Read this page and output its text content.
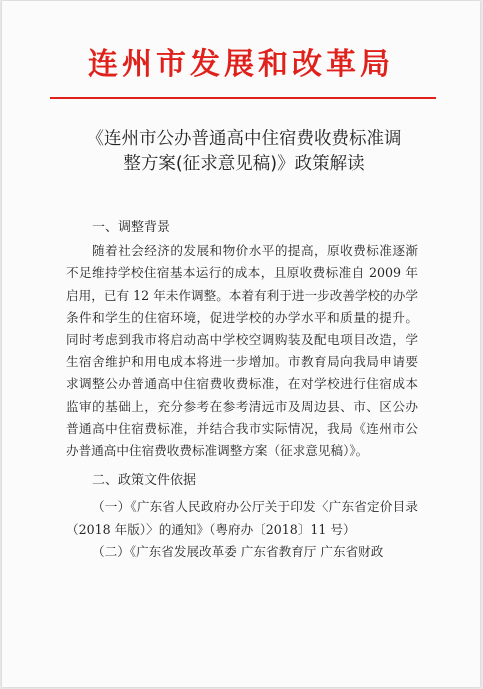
连州市发展和改革局
《连州市公办普通高中住宿费收费标准调
整方案(征求意见稿)》政策解读
一、调整背景

随着社会经济的发展和物价水平的提高，原收费标准逐渐不足维持学校住宿基本运行的成本，且原收费标准自 2009 年启用，已有 12 年未作调整。本着有利于进一步改善学校的办学条件和学生的住宿环境，促进学校的办学水平和质量的提升。同时考虑到我市将启动高中学校空调购装及配电项目改造，学生宿舍维护和用电成本将进一步增加。市教育局向我局申请要求调整公办普通高中住宿费收费标准，在对学校进行住宿成本监审的基础上，充分参考在参考清远市及周边县、市、区公办普通高中住宿费标准，并结合我市实际情况，我局《连州市公办普通高中住宿费收费标准调整方案（征求意见稿）》。

二、政策文件依据

（一）《广东省人民政府办公厅关于印发〈广东省定价目录（2018 年版）〉的通知》（粤府办〔2018〕11 号）

（二）《广东省发展改革委 广东省教育厅 广东省财政
